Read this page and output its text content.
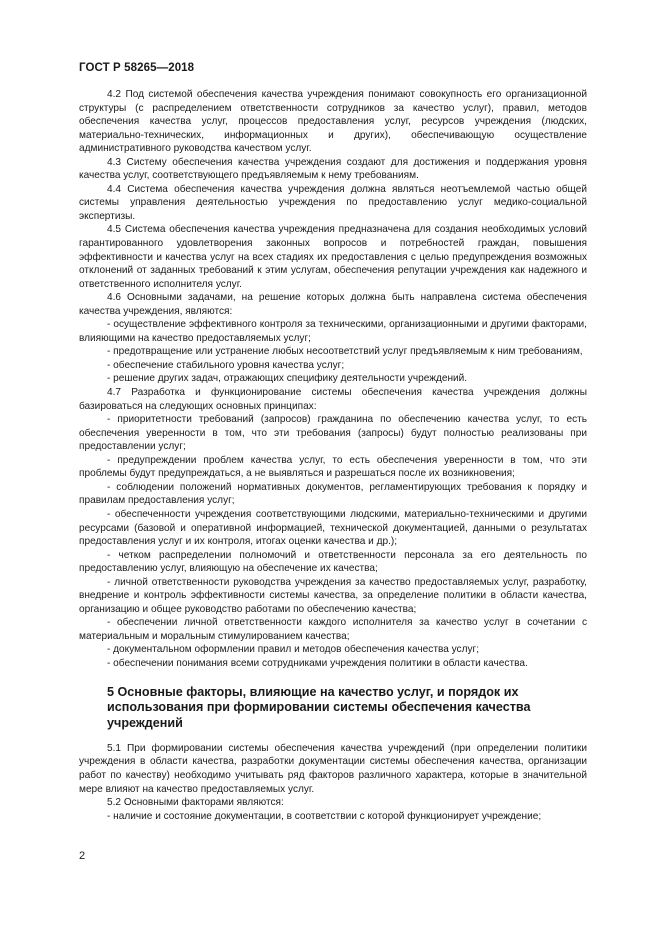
ГОСТ Р 58265—2018

4.2 Под системой обеспечения качества учреждения понимают совокупность его организационной структуры (с распределением ответственности сотрудников за качество услуг), правил, методов обеспечения качества услуг, процессов предоставления услуг, ресурсов учреждения (людских, материально-технических, информационных и других), обеспечивающую осуществление административного руководства качеством услуг.

4.3 Систему обеспечения качества учреждения создают для достижения и поддержания уровня качества услуг, соответствующего предъявляемым к нему требованиям.

4.4 Система обеспечения качества учреждения должна являться неотъемлемой частью общей системы управления деятельностью учреждения по предоставлению услуг медико-социальной экспертизы.

4.5 Система обеспечения качества учреждения предназначена для создания необходимых условий гарантированного удовлетворения законных вопросов и потребностей граждан, повышения эффективности и качества услуг на всех стадиях их предоставления с целью предупреждения возможных отклонений от заданных требований к этим услугам, обеспечения репутации учреждения как надежного и ответственного исполнителя услуг.

4.6 Основными задачами, на решение которых должна быть направлена система обеспечения качества учреждения, являются:

- осуществление эффективного контроля за техническими, организационными и другими факторами, влияющими на качество предоставляемых услуг;

- предотвращение или устранение любых несоответствий услуг предъявляемым к ним требованиям,

- обеспечение стабильного уровня качества услуг;

- решение других задач, отражающих специфику деятельности учреждений.

4.7 Разработка и функционирование системы обеспечения качества учреждения должны базироваться на следующих основных принципах:

- приоритетности требований (запросов) гражданина по обеспечению качества услуг, то есть обеспечения уверенности в том, что эти требования (запросы) будут полностью реализованы при предоставлении услуг;

- предупреждении проблем качества услуг, то есть обеспечения уверенности в том, что эти проблемы будут предупреждаться, а не выявляться и разрешаться после их возникновения;

- соблюдении положений нормативных документов, регламентирующих требования к порядку и правилам предоставления услуг;

- обеспеченности учреждения соответствующими людскими, материально-техническими и другими ресурсами (базовой и оперативной информацией, технической документацией, данными о результатах предоставления услуг и их контроля, итогах оценки качества и др.);

- четком распределении полномочий и ответственности персонала за его деятельность по предоставлению услуг, влияющую на обеспечение их качества;

- личной ответственности руководства учреждения за качество предоставляемых услуг, разработку, внедрение и контроль эффективности системы качества, за определение политики в области качества, организацию и общее руководство работами по обеспечению качества;

- обеспечении личной ответственности каждого исполнителя за качество услуг в сочетании с материальным и моральным стимулированием качества;

- документальном оформлении правил и методов обеспечения качества услуг;

- обеспечении понимания всеми сотрудниками учреждения политики в области качества.

5 Основные факторы, влияющие на качество услуг, и порядок их использования при формировании системы обеспечения качества учреждений

5.1 При формировании системы обеспечения качества учреждений (при определении политики учреждения в области качества, разработки документации системы обеспечения качества, организации работ по качеству) необходимо учитывать ряд факторов различного характера, которые в значительной мере влияют на качество предоставляемых услуг.

5.2 Основными факторами являются:

- наличие и состояние документации, в соответствии с которой функционирует учреждение;

2
